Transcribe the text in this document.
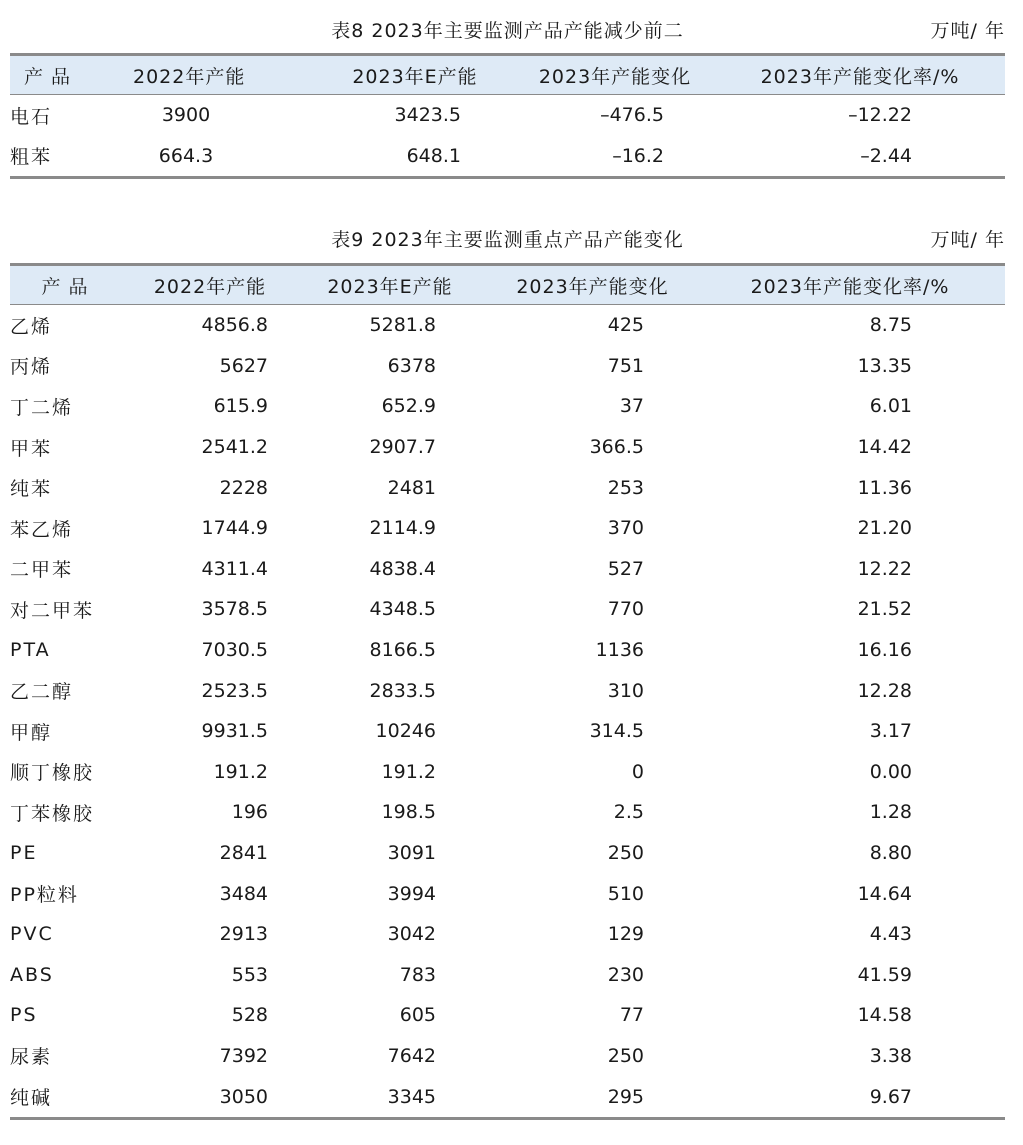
表8 2023年主要监测产品产能减少前二	万吨/ 年
产 品	2022年产能	2023年E产能	2023年产能变化	2023年产能变化率/%
电石	3900	3423.5	–476.5	–12.22
粗苯	664.3	648.1	–16.2	–2.44
表9 2023年主要监测重点产品产能变化	万吨/ 年
产 品	2022年产能	2023年E产能	2023年产能变化	2023年产能变化率/%
乙烯	4856.8	5281.8	425	8.75
丙烯	5627	6378	751	13.35
丁二烯	615.9	652.9	37	6.01
甲苯	2541.2	2907.7	366.5	14.42
纯苯	2228	2481	253	11.36
苯乙烯	1744.9	2114.9	370	21.20
二甲苯	4311.4	4838.4	527	12.22
对二甲苯	3578.5	4348.5	770	21.52
PTA	7030.5	8166.5	1136	16.16
乙二醇	2523.5	2833.5	310	12.28
甲醇	9931.5	10246	314.5	3.17
顺丁橡胶	191.2	191.2	0	0.00
丁苯橡胶	196	198.5	2.5	1.28
PE	2841	3091	250	8.80
PP粒料	3484	3994	510	14.64
PVC	2913	3042	129	4.43
ABS	553	783	230	41.59
PS	528	605	77	14.58
尿素	7392	7642	250	3.38
纯碱	3050	3345	295	9.67
